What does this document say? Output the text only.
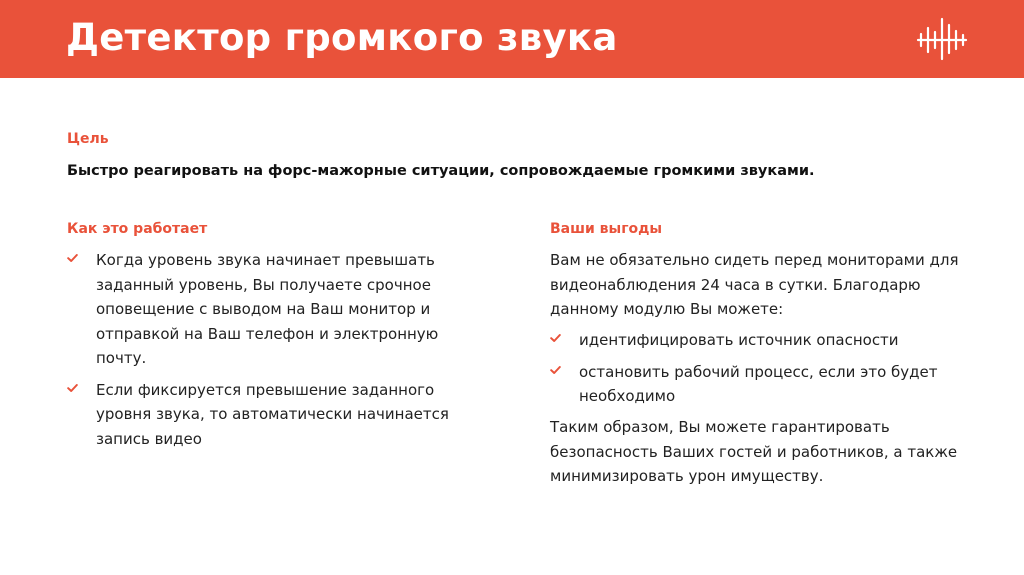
Детектор громкого звука
Цель
Быстро реагировать на форс-мажорные ситуации, сопровождаемые громкими звуками.
Как это работает
Когда уровень звука начинает превышать заданный уровень, Вы получаете срочное оповещение с выводом на Ваш монитор и отправкой на Ваш телефон и электронную почту.
Если фиксируется превышение заданного уровня звука, то автоматически начинается запись видео
Ваши выгоды

Вам не обязательно сидеть перед мониторами для видеонаблюдения 24 часа в сутки. Благодарю данному модулю Вы можете:

идентифицировать источник опасности
остановить рабочий процесс, если это будет необходимо

Таким образом, Вы можете гарантировать безопасность Ваших гостей и работников, а также минимизировать урон имуществу.
